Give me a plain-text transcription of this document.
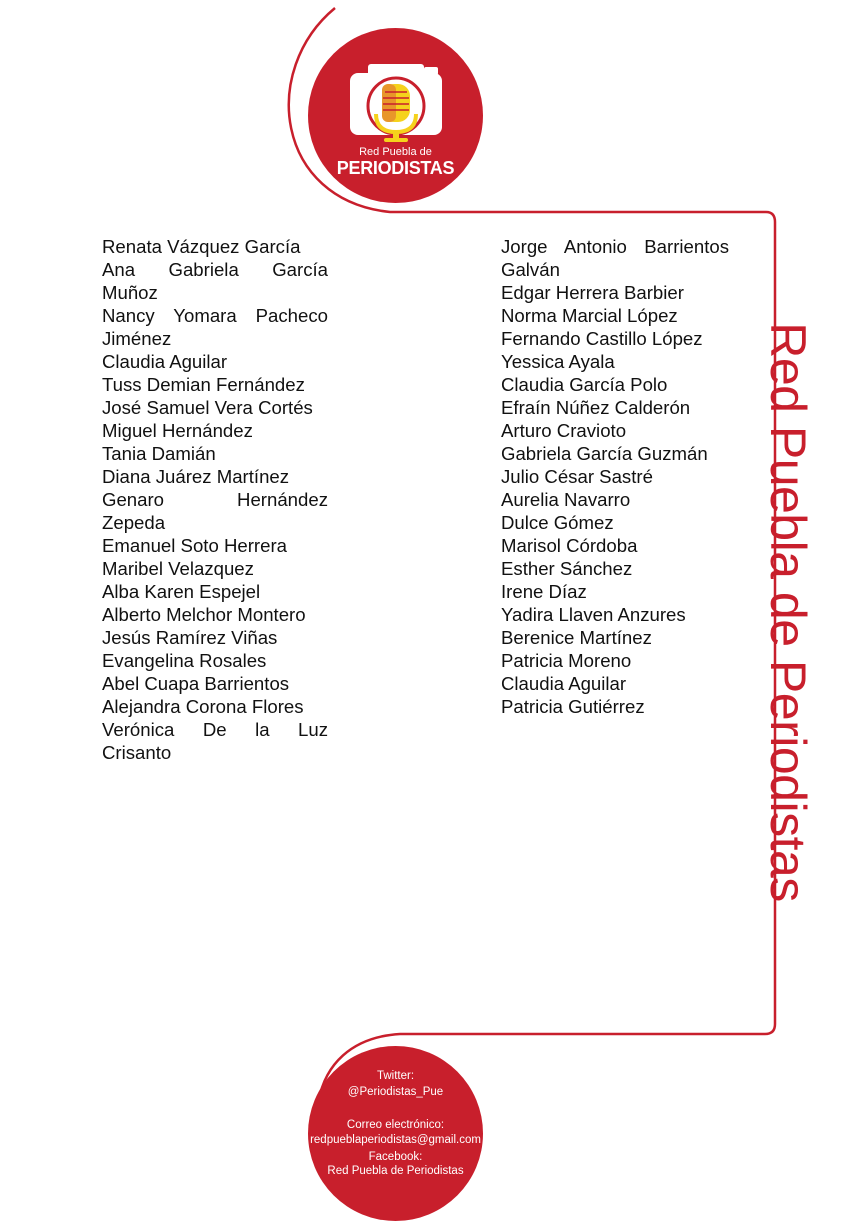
Red Puebla de
PERIODISTAS
Renata Vázquez García
Ana Gabriela García Muñoz
Nancy Yomara Pacheco Jiménez
Claudia Aguilar
Tuss Demian Fernández
José Samuel Vera Cortés
Miguel Hernández
Tania Damián
Diana Juárez Martínez
Genaro Hernández Zepeda
Emanuel Soto Herrera
Maribel Velazquez
Alba Karen Espejel
Alberto Melchor Montero
Jesús Ramírez Viñas
Evangelina Rosales
Abel Cuapa Barrientos
Alejandra Corona Flores
Verónica De la Luz Crisanto
Jorge Antonio Barrientos Galván
Edgar Herrera Barbier
Norma Marcial López
Fernando Castillo López
Yessica Ayala
Claudia García Polo
Efraín Núñez Calderón
Arturo Cravioto
Gabriela García Guzmán
Julio César Sastré
Aurelia Navarro
Dulce Gómez
Marisol Córdoba
Esther Sánchez
Irene Díaz
Yadira Llaven Anzures
Berenice Martínez
Patricia Moreno
Claudia Aguilar
Patricia Gutiérrez	Red Puebla de Periodistas
Twitter:
@Periodistas_Pue
Correo electrónico:
redpueblaperiodistas@gmail.com
Facebook:
Red Puebla de Periodistas
